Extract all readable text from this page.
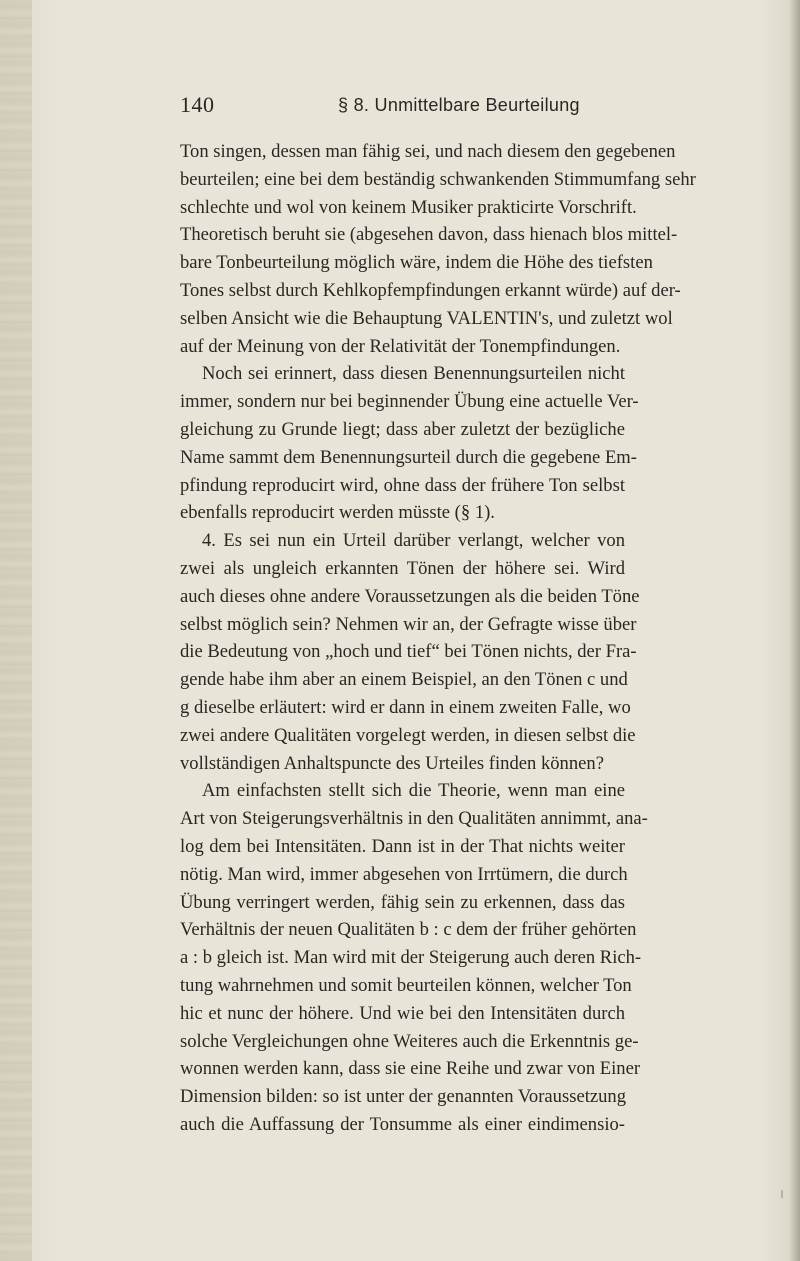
140	§ 8. Unmittelbare Beurteilung
Ton singen, dessen man fähig sei, und nach diesem den gegebenen
beurteilen; eine bei dem beständig schwankenden Stimmumfang sehr
schlechte und wol von keinem Musiker prakticirte Vorschrift.
Theoretisch beruht sie (abgesehen davon, dass hienach blos mittel-
bare Tonbeurteilung möglich wäre, indem die Höhe des tiefsten
Tones selbst durch Kehlkopfempfindungen erkannt würde) auf der-
selben Ansicht wie die Behauptung VALENTIN's, und zuletzt wol
auf der Meinung von der Relativität der Tonempfindungen.
Noch sei erinnert, dass diesen Benennungsurteilen nicht
immer, sondern nur bei beginnender Übung eine actuelle Ver-
gleichung zu Grunde liegt; dass aber zuletzt der bezügliche
Name sammt dem Benennungsurteil durch die gegebene Em-
pfindung reproducirt wird, ohne dass der frühere Ton selbst
ebenfalls reproducirt werden müsste (§ 1).
4. Es sei nun ein Urteil darüber verlangt, welcher von
zwei als ungleich erkannten Tönen der höhere sei. Wird
auch dieses ohne andere Voraussetzungen als die beiden Töne
selbst möglich sein? Nehmen wir an, der Gefragte wisse über
die Bedeutung von „hoch und tief“ bei Tönen nichts, der Fra-
gende habe ihm aber an einem Beispiel, an den Tönen c und
g dieselbe erläutert: wird er dann in einem zweiten Falle, wo
zwei andere Qualitäten vorgelegt werden, in diesen selbst die
vollständigen Anhaltspuncte des Urteiles finden können?
Am einfachsten stellt sich die Theorie, wenn man eine
Art von Steigerungsverhältnis in den Qualitäten annimmt, ana-
log dem bei Intensitäten. Dann ist in der That nichts weiter
nötig. Man wird, immer abgesehen von Irrtümern, die durch
Übung verringert werden, fähig sein zu erkennen, dass das
Verhältnis der neuen Qualitäten b : c dem der früher gehörten
a : b gleich ist. Man wird mit der Steigerung auch deren Rich-
tung wahrnehmen und somit beurteilen können, welcher Ton
hic et nunc der höhere. Und wie bei den Intensitäten durch
solche Vergleichungen ohne Weiteres auch die Erkenntnis ge-
wonnen werden kann, dass sie eine Reihe und zwar von Einer
Dimension bilden: so ist unter der genannten Voraussetzung
auch die Auffassung der Tonsumme als einer eindimensio-
